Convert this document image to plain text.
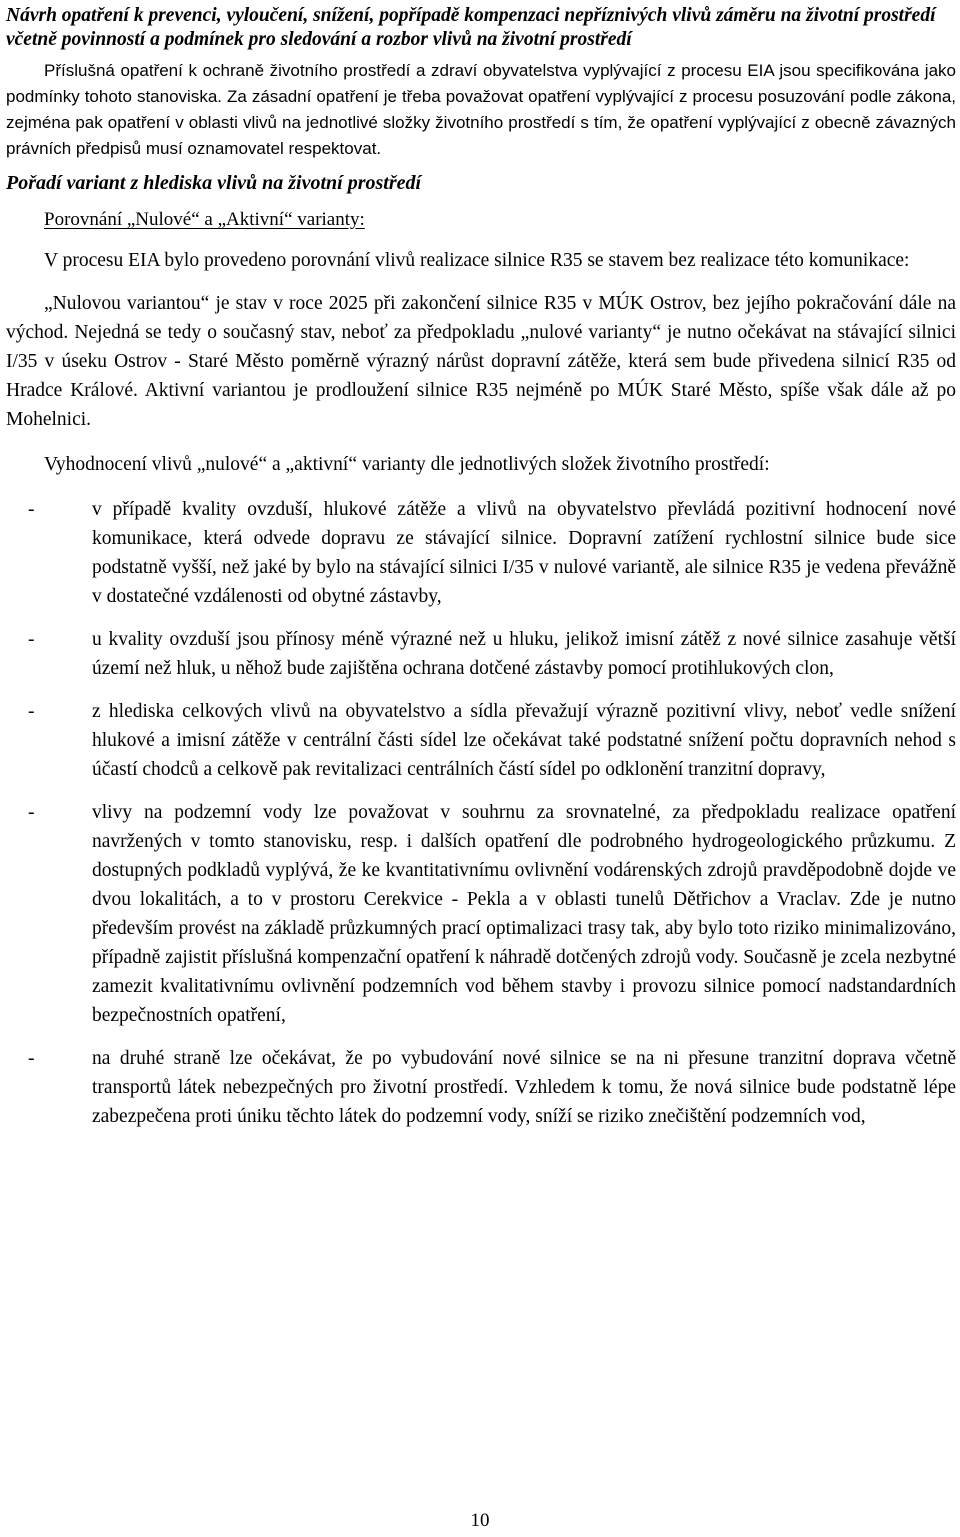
Návrh opatření k prevenci, vyloučení, snížení, popřípadě kompenzaci nepříznivých vlivů záměru na životní prostředí včetně povinností a podmínek pro sledování a rozbor vlivů na životní prostředí

Příslušná opatření k ochraně životního prostředí a zdraví obyvatelstva vyplývající z procesu EIA jsou specifikována jako podmínky tohoto stanoviska. Za zásadní opatření je třeba považovat opatření vyplývající z procesu posuzování podle zákona, zejména pak opatření v oblasti vlivů na jednotlivé složky životního prostředí s tím, že opatření vyplývající z obecně závazných právních předpisů musí oznamovatel respektovat.

Pořadí variant z hlediska vlivů na životní prostředí
Porovnání „Nulové“ a „Aktivní“ varianty:

V procesu EIA bylo provedeno porovnání vlivů realizace silnice R35 se stavem bez realizace této komunikace:

„Nulovou variantou“ je stav v roce 2025 při zakončení silnice R35 v MÚK Ostrov, bez jejího pokračování dále na východ. Nejedná se tedy o současný stav, neboť za předpokladu „nulové varianty“ je nutno očekávat na stávající silnici I/35 v úseku Ostrov - Staré Město poměrně výrazný nárůst dopravní zátěže, která sem bude přivedena silnicí R35 od Hradce Králové. Aktivní variantou je prodloužení silnice R35 nejméně po MÚK Staré Město, spíše však dále až po Mohelnici.

Vyhodnocení vlivů „nulové“ a „aktivní“ varianty dle jednotlivých složek životního prostředí:

-	v případě kvality ovzduší, hlukové zátěže a vlivů na obyvatelstvo převládá pozitivní hodnocení nové komunikace, která odvede dopravu ze stávající silnice. Dopravní zatížení rychlostní silnice bude sice podstatně vyšší, než jaké by bylo na stávající silnici I/35 v nulové variantě, ale silnice R35 je vedena převážně v dostatečné vzdálenosti od obytné zástavby,
-	u kvality ovzduší jsou přínosy méně výrazné než u hluku, jelikož imisní zátěž z nové silnice zasahuje větší území než hluk, u něhož bude zajištěna ochrana dotčené zástavby pomocí protihlukových clon,
-	z hlediska celkových vlivů na obyvatelstvo a sídla převažují výrazně pozitivní vlivy, neboť vedle snížení hlukové a imisní zátěže v centrální části sídel lze očekávat také podstatné snížení počtu dopravních nehod s účastí chodců a celkově pak revitalizaci centrálních částí sídel po odklonění tranzitní dopravy,
-	vlivy na podzemní vody lze považovat v souhrnu za srovnatelné, za předpokladu realizace opatření navržených v tomto stanovisku, resp. i dalších opatření dle podrobného hydrogeologického průzkumu. Z dostupných podkladů vyplývá, že ke kvantitativnímu ovlivnění vodárenských zdrojů pravděpodobně dojde ve dvou lokalitách, a to v prostoru Cerekvice - Pekla a v oblasti tunelů Dětřichov a Vraclav. Zde je nutno především provést na základě průzkumných prací optimalizaci trasy tak, aby bylo toto riziko minimalizováno, případně zajistit příslušná kompenzační opatření k náhradě dotčených zdrojů vody. Současně je zcela nezbytné zamezit kvalitativnímu ovlivnění podzemních vod během stavby i provozu silnice pomocí nadstandardních bezpečnostních opatření,
-	na druhé straně lze očekávat, že po vybudování nové silnice se na ni přesune tranzitní doprava včetně transportů látek nebezpečných pro životní prostředí. Vzhledem k tomu, že nová silnice bude podstatně lépe zabezpečena proti úniku těchto látek do podzemní vody, sníží se riziko znečištění podzemních vod,
10
